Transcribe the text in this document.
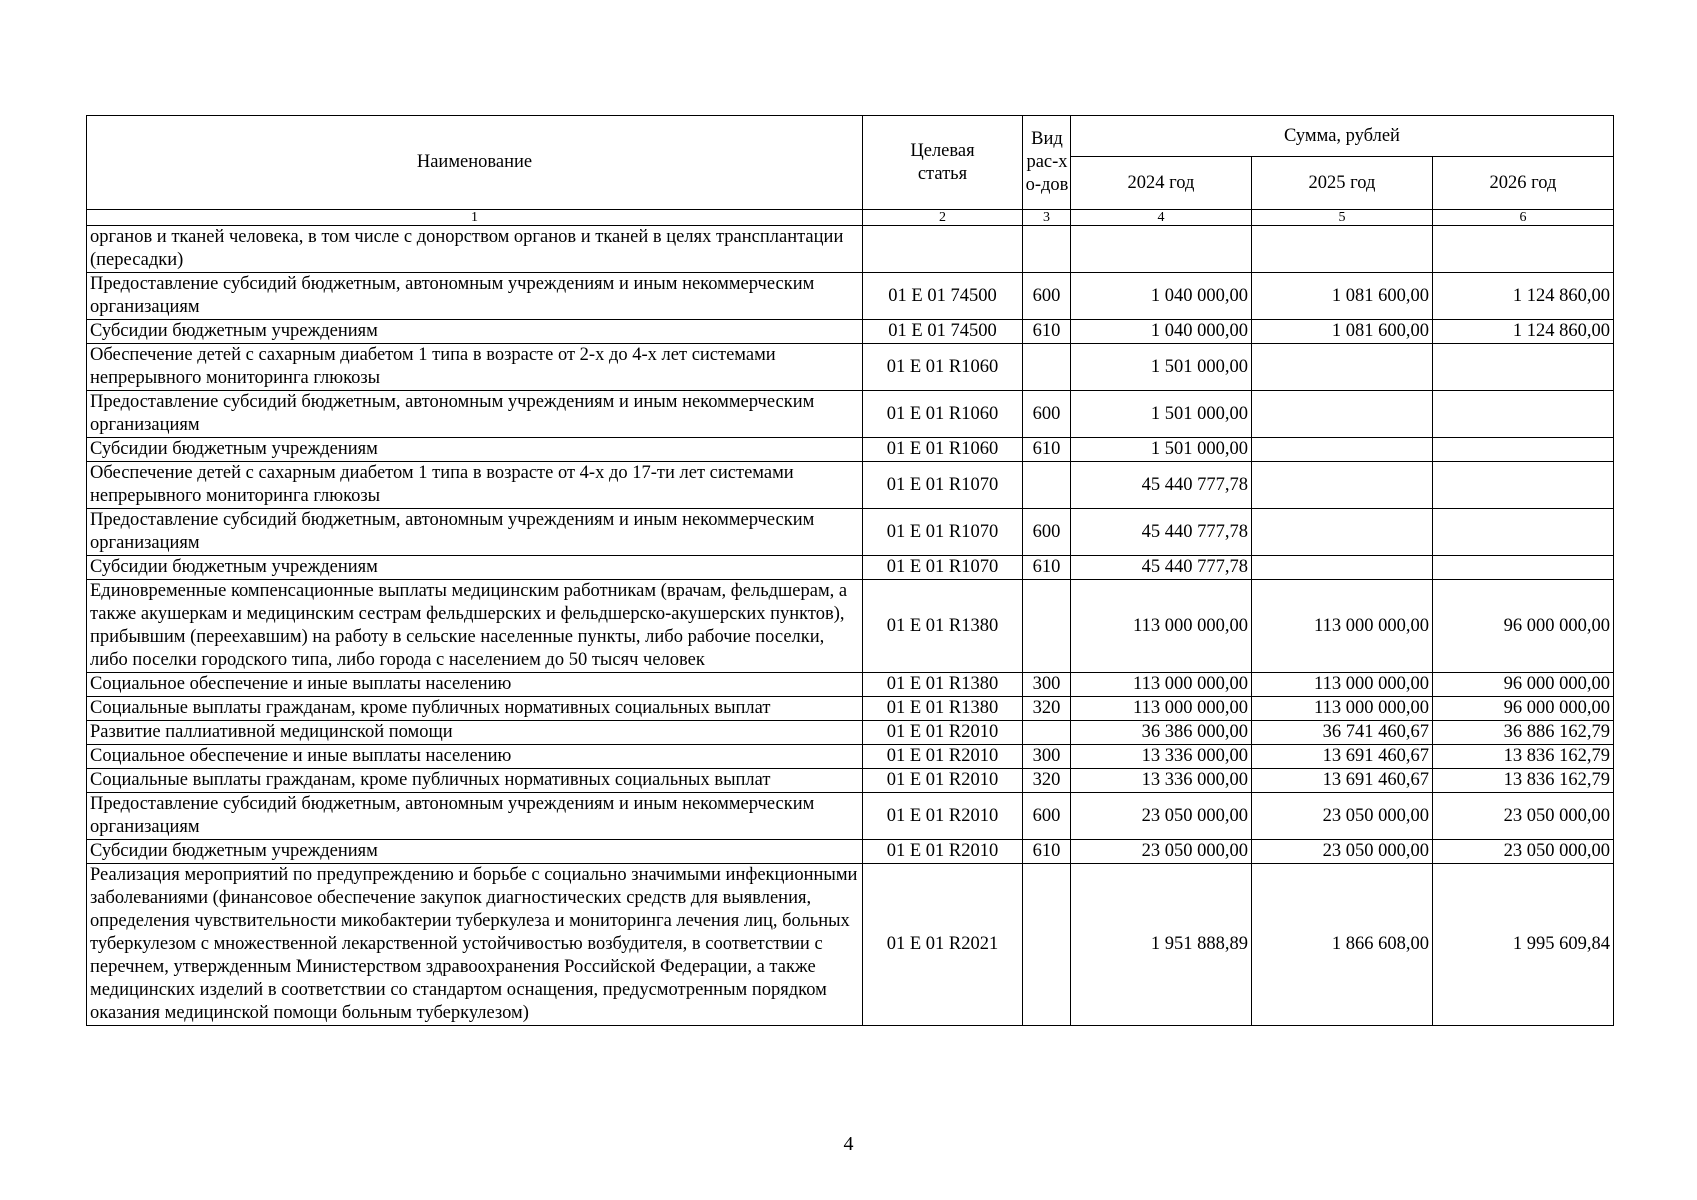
Наименование	Целевая статья	Вид рас-хо-дов	Сумма, рублей		
			2024 год	2025 год	2026 год
1	2	3	4	5	6
органов и тканей человека, в том числе с донорством органов и тканей в целях трансплантации (пересадки)					
Предоставление субсидий бюджетным, автономным учреждениям и иным некоммерческим организациям	01 Е 01 74500	600	1 040 000,00	1 081 600,00	1 124 860,00
Субсидии бюджетным учреждениям	01 Е 01 74500	610	1 040 000,00	1 081 600,00	1 124 860,00
Обеспечение детей с сахарным диабетом 1 типа в возрасте от 2-х до 4-х лет системами непрерывного мониторинга глюкозы	01 Е 01 R1060		1 501 000,00		
Предоставление субсидий бюджетным, автономным учреждениям и иным некоммерческим организациям	01 Е 01 R1060	600	1 501 000,00		
Субсидии бюджетным учреждениям	01 Е 01 R1060	610	1 501 000,00		
Обеспечение детей с сахарным диабетом 1 типа в возрасте от 4-х до 17-ти лет системами непрерывного мониторинга глюкозы	01 Е 01 R1070		45 440 777,78		
Предоставление субсидий бюджетным, автономным учреждениям и иным некоммерческим организациям	01 Е 01 R1070	600	45 440 777,78		
Субсидии бюджетным учреждениям	01 Е 01 R1070	610	45 440 777,78		
Единовременные компенсационные выплаты медицинским работникам (врачам, фельдшерам, а также акушеркам и медицинским сестрам фельдшерских и фельдшерско-акушерских пунктов), прибывшим (переехавшим) на работу в сельские населенные пункты, либо рабочие поселки, либо поселки городского типа, либо города с населением до 50 тысяч человек	01 Е 01 R1380		113 000 000,00	113 000 000,00	96 000 000,00
Социальное обеспечение и иные выплаты населению	01 Е 01 R1380	300	113 000 000,00	113 000 000,00	96 000 000,00
Социальные выплаты гражданам, кроме публичных нормативных социальных выплат	01 Е 01 R1380	320	113 000 000,00	113 000 000,00	96 000 000,00
Развитие паллиативной медицинской помощи	01 Е 01 R2010		36 386 000,00	36 741 460,67	36 886 162,79
Социальное обеспечение и иные выплаты населению	01 Е 01 R2010	300	13 336 000,00	13 691 460,67	13 836 162,79
Социальные выплаты гражданам, кроме публичных нормативных социальных выплат	01 Е 01 R2010	320	13 336 000,00	13 691 460,67	13 836 162,79
Предоставление субсидий бюджетным, автономным учреждениям и иным некоммерческим организациям	01 Е 01 R2010	600	23 050 000,00	23 050 000,00	23 050 000,00
Субсидии бюджетным учреждениям	01 Е 01 R2010	610	23 050 000,00	23 050 000,00	23 050 000,00
Реализация мероприятий по предупреждению и борьбе с социально значимыми инфекционными заболеваниями (финансовое обеспечение закупок диагностических средств для выявления, определения чувствительности микобактерии туберкулеза и мониторинга лечения лиц, больных туберкулезом с множественной лекарственной устойчивостью возбудителя, в соответствии с перечнем, утвержденным Министерством здравоохранения Российской Федерации, а также медицинских изделий в соответствии со стандартом оснащения, предусмотренным порядком оказания медицинской помощи больным туберкулезом)	01 Е 01 R2021		1 951 888,89	1 866 608,00	1 995 609,84
4
